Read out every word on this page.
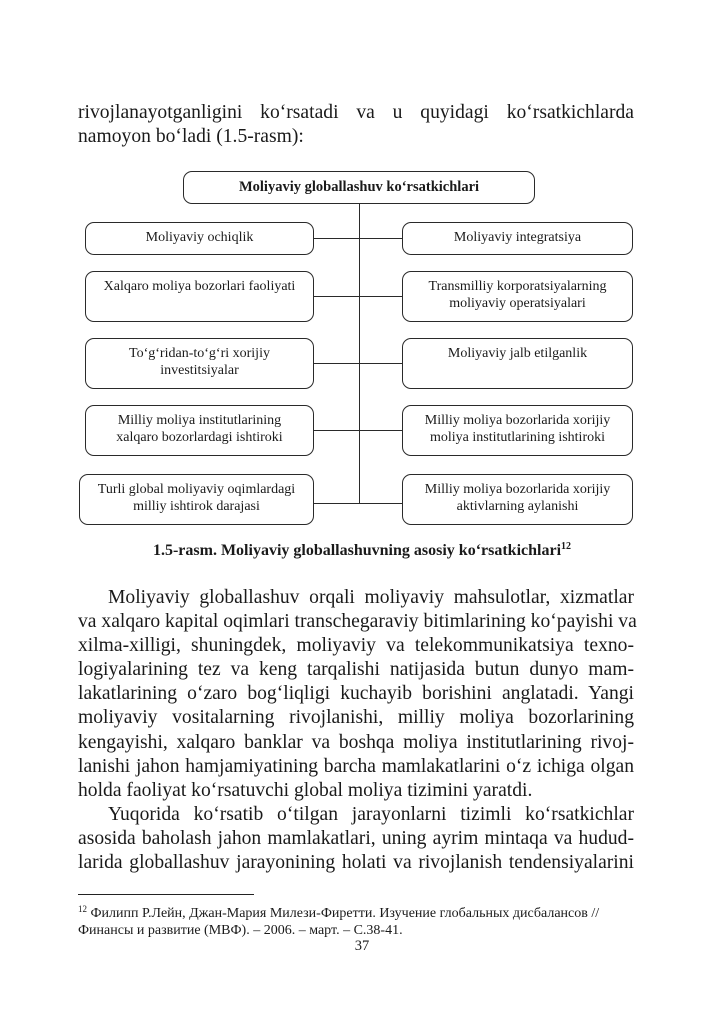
rivojlanayotganligini ko‘rsatadi va u quyidagi ko‘rsatkichlarda
namoyon bo‘ladi (1.5-rasm):
Moliyaviy globallashuv ko‘rsatkichlari
Moliyaviy ochiqlik
Xalqaro moliya bozorlari faoliyati
To‘g‘ridan-to‘g‘ri xorijiy
investitsiyalar
Milliy moliya institutlarining
xalqaro bozorlardagi ishtiroki
Turli global moliyaviy oqimlardagi
milliy ishtirok darajasi
Moliyaviy integratsiya
Transmilliy korporatsiyalarning
moliyaviy operatsiyalari
Moliyaviy jalb etilganlik
Milliy moliya bozorlarida xorijiy
moliya institutlarining ishtiroki
Milliy moliya bozorlarida xorijiy
aktivlarning aylanishi
1.5-rasm. Moliyaviy globallashuvning asosiy ko‘rsatkichlari$^{12}$
Moliyaviy globallashuv orqali moliyaviy mahsulotlar, xizmatlar
va xalqaro kapital oqimlari transchegaraviy bitimlarining ko‘payishi va
xilma-xilligi, shuningdek, moliyaviy va telekommunikatsiya texno-
logiyalarining tez va keng tarqalishi natijasida butun dunyo mam-
lakatlarining o‘zaro bog‘liqligi kuchayib borishini anglatadi. Yangi
moliyaviy vositalarning rivojlanishi, milliy moliya bozorlarining
kengayishi, xalqaro banklar va boshqa moliya institutlarining rivoj-
lanishi jahon hamjamiyatining barcha mamlakatlarini o‘z ichiga olgan
holda faoliyat ko‘rsatuvchi global moliya tizimini yaratdi.
Yuqorida ko‘rsatib o‘tilgan jarayonlarni tizimli ko‘rsatkichlar
asosida baholash jahon mamlakatlari, uning ayrim mintaqa va hudud-
larida globallashuv jarayonining holati va rivojlanish tendensiyalarini
$^{12}$ Филипп Р.Лейн, Джан-Мария Милези-Фиретти. Изучение глобальных дисбалансов //
Финансы и развитие (МВФ). – 2006. – март. – С.38-41.
37
